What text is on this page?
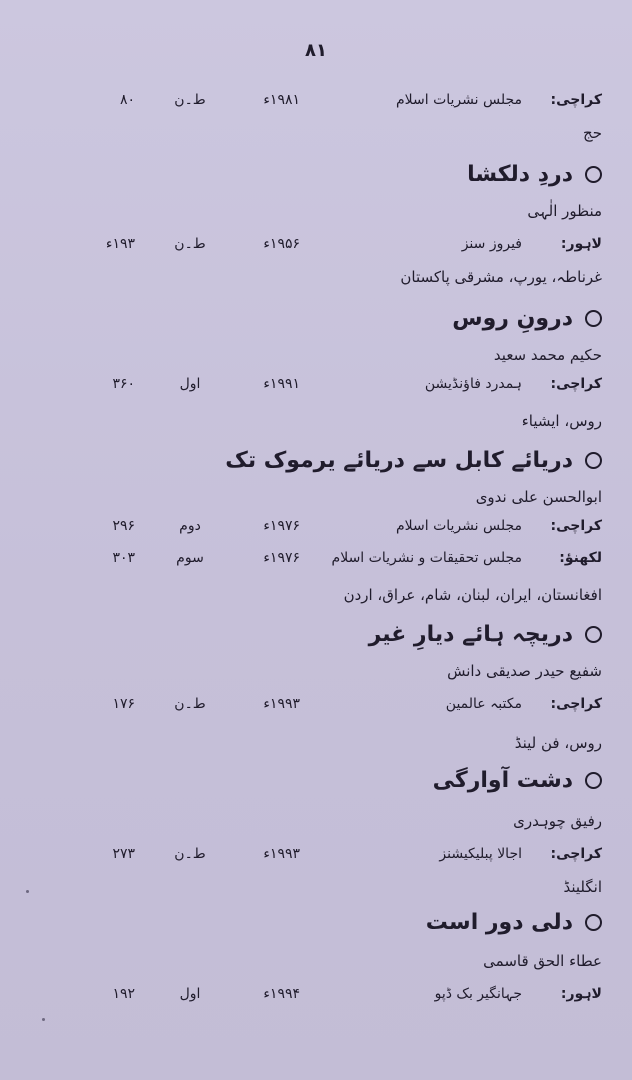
۸۱
کراچی:
مجلس نشریات اسلام
۱۹۸۱ء
ط۔ن
۸۰
حج
دردِ دلکشا
منظور الٰہی
لاہور:
فیروز سنز
۱۹۵۶ء
ط۔ن
۱۹۳ء
غرناطہ، یورپ، مشرقی پاکستان
درونِ روس
حکیم محمد سعید
کراچی:
ہمدرد فاؤنڈیشن
۱۹۹۱ء
اول
۳۶۰
روس، ایشیاء
دریائے کابل سے دریائے یرموک تک
ابوالحسن علی ندوی
کراچی:
مجلس نشریات اسلام
۱۹۷۶ء
دوم
۲۹۶
لکھنؤ:
مجلس تحقیقات و نشریات اسلام
۱۹۷۶ء
سوم
۳۰۳
افغانستان، ایران، لبنان، شام، عراق، اردن
دریچہ ہائے دیارِ غیر
شفیع حیدر صدیقی دانش
کراچی:
مکتبہ عالمین
۱۹۹۳ء
ط۔ن
۱۷۶
روس، فن لینڈ
دشت آوارگی
رفیق چوہدری
کراچی:
اجالا پبلیکیشنز
۱۹۹۳ء
ط۔ن
۲۷۳
انگلینڈ
دلی دور است
عطاء الحق قاسمی
لاہور:
جہانگیر بک ڈپو
۱۹۹۴ء
اول
۱۹۲
